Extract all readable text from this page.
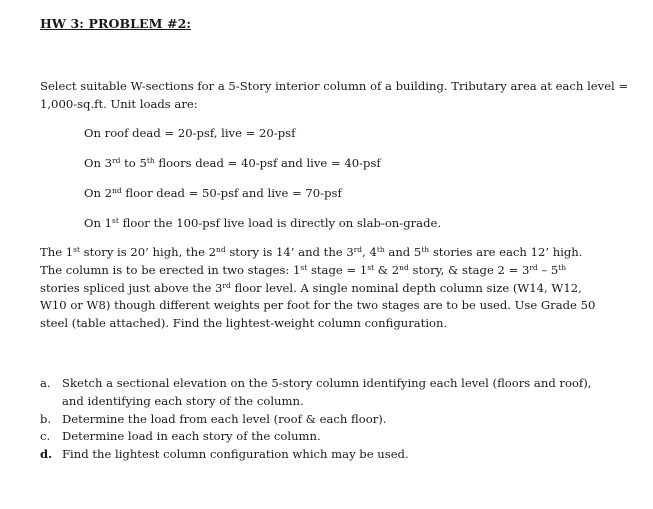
HW 3: PROBLEM #2:
Select suitable W-sections for a 5-Story interior column of a building. Tributary area at each level = 1,000-sq.ft. Unit loads are:
On roof dead = 20-psf, live = 20-psf
On 3rd to 5th floors dead = 40-psf and live = 40-psf
On 2nd floor dead = 50-psf and live = 70-psf
On 1st floor the 100-psf live load is directly on slab-on-grade.
The 1st story is 20’ high, the 2nd story is 14’ and the 3rd, 4th and 5th stories are each 12’ high. The column is to be erected in two stages: 1st stage = 1st & 2nd story, & stage 2 = 3rd – 5th stories spliced just above the 3rd floor level. A single nominal depth column size (W14, W12, W10 or W8) though different weights per foot for the two stages are to be used. Use Grade 50 steel (table attached). Find the lightest-weight column configuration.
a. Sketch a sectional elevation on the 5-story column identifying each level (floors and roof), and identifying each story of the column.
b. Determine the load from each level (roof & each floor).
c.	Determine load in each story of the column.
d. Find the lightest column configuration which may be used.
